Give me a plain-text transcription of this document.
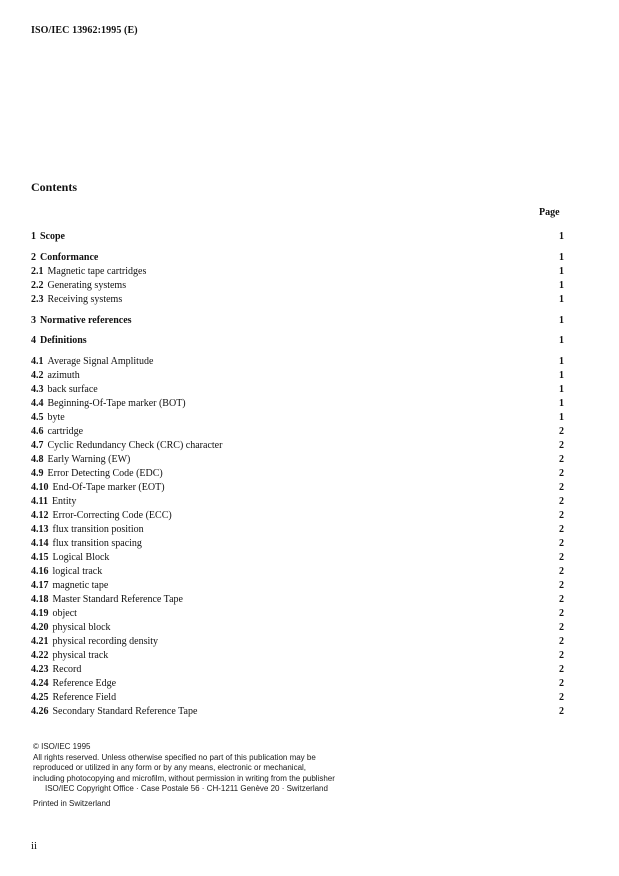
ISO/IEC 13962:1995 (E)
Contents
Page
1 Scope	1
2 Conformance	1
2.1 Magnetic tape cartridges	1
2.2 Generating systems	1
2.3 Receiving systems	1
3 Normative references	1
4 Definitions	1
4.1 Average Signal Amplitude	1
4.2 azimuth	1
4.3 back surface	1
4.4 Beginning-Of-Tape marker (BOT)	1
4.5 byte	1
4.6 cartridge	2
4.7 Cyclic Redundancy Check (CRC) character	2
4.8 Early Warning (EW)	2
4.9 Error Detecting Code (EDC)	2
4.10 End-Of-Tape marker (EOT)	2
4.11 Entity	2
4.12 Error-Correcting Code (ECC)	2
4.13 flux transition position	2
4.14 flux transition spacing	2
4.15 Logical Block	2
4.16 logical track	2
4.17 magnetic tape	2
4.18 Master Standard Reference Tape	2
4.19 object	2
4.20 physical block	2
4.21 physical recording density	2
4.22 physical track	2
4.23 Record	2
4.24 Reference Edge	2
4.25 Reference Field	2
4.26 Secondary Standard Reference Tape	2
© ISO/IEC 1995
All rights reserved. Unless otherwise specified no part of this publication may be
reproduced or utilized in any form or by any means, electronic or mechanical,
including photocopying and microfilm, without permission in writing from the publisher
ISO/IEC Copyright Office · Case Postale 56 · CH-1211 Genève 20 · Switzerland
Printed in Switzerland
ii
